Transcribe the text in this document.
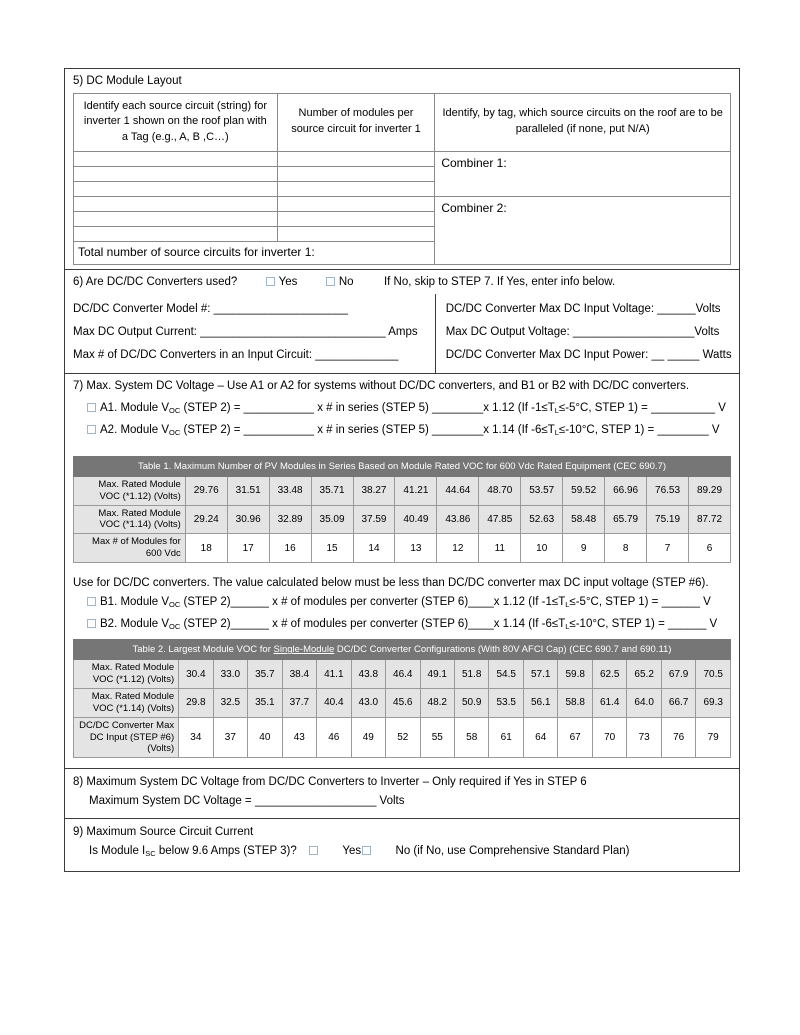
5) DC Module Layout
Identify each source circuit (string) for inverter 1 shown on the roof plan with a Tag (e.g., A, B ,C…)	Number of modules per source circuit for inverter 1	Identify, by tag, which source circuits on the roof are to be paralleled (if none, put N/A)
		Combiner 1:

		Combiner 2:

Total number of source circuits for inverter 1:		
6) Are DC/DC Converters used?	Yes	No	If No, skip to STEP 7. If Yes, enter info below.
DC/DC Converter Model #: _____________________
Max DC Output Current: _____________________________ Amps
Max # of DC/DC Converters in an Input Circuit: _____________
DC/DC Converter Max DC Input Voltage: ______Volts
Max DC Output Voltage: ___________________Volts
DC/DC Converter Max DC Input Power: __ _____ Watts
7) Max. System DC Voltage – Use A1 or A2 for systems without DC/DC converters, and B1 or B2 with DC/DC converters.
A1. Module $V_{OC}$ (STEP 2) = ___________ x # in series (STEP 5) ________x 1.12 (If $-1\le T_L\le-5^\circ C$, STEP 1) = __________ V
A2. Module $V_{OC}$ (STEP 2) = ___________ x # in series (STEP 5) ________x 1.14 (If $-6\le T_L\le-10^\circ C$, STEP 1) = ________ V
Table 1. Maximum Number of PV Modules in Series Based on Module Rated VOC for 600 Vdc Rated Equipment (CEC 690.7)													
Max. Rated Module VOC (*1.12) (Volts)	29.76	31.51	33.48	35.71	38.27	41.21	44.64	48.70	53.57	59.52	66.96	76.53	89.29
Max. Rated Module VOC (*1.14) (Volts)	29.24	30.96	32.89	35.09	37.59	40.49	43.86	47.85	52.63	58.48	65.79	75.19	87.72
Max # of Modules for 600 Vdc	18	17	16	15	14	13	12	11	10	9	8	7	6
Use for DC/DC converters. The value calculated below must be less than DC/DC converter max DC input voltage (STEP #6).
B1. Module $V_{OC}$ (STEP 2)______ x # of modules per converter (STEP 6)____x 1.12 (If $-1\le T_L\le-5^\circ C$, STEP 1) = ______ V
B2. Module $V_{OC}$ (STEP 2)______ x # of modules per converter (STEP 6)____x 1.14 (If $-6\le T_L\le-10^\circ C$, STEP 1) = ______ V
Table 2. Largest Module VOC for Single-Module DC/DC Converter Configurations (With 80V AFCI Cap) (CEC 690.7 and 690.11)																
Max. Rated Module VOC (*1.12) (Volts)	30.4	33.0	35.7	38.4	41.1	43.8	46.4	49.1	51.8	54.5	57.1	59.8	62.5	65.2	67.9	70.5
Max. Rated Module VOC (*1.14) (Volts)	29.8	32.5	35.1	37.7	40.4	43.0	45.6	48.2	50.9	53.5	56.1	58.8	61.4	64.0	66.7	69.3
DC/DC Converter Max DC Input (STEP #6) (Volts)	34	37	40	43	46	49	52	55	58	61	64	67	70	73	76	79
8) Maximum System DC Voltage from DC/DC Converters to Inverter – Only required if Yes in STEP 6
Maximum System DC Voltage = ___________________ Volts
9) Maximum Source Circuit Current
Is Module $I_{SC}$ below 9.6 Amps (STEP 3)?	Yes	No (if No, use Comprehensive Standard Plan)
